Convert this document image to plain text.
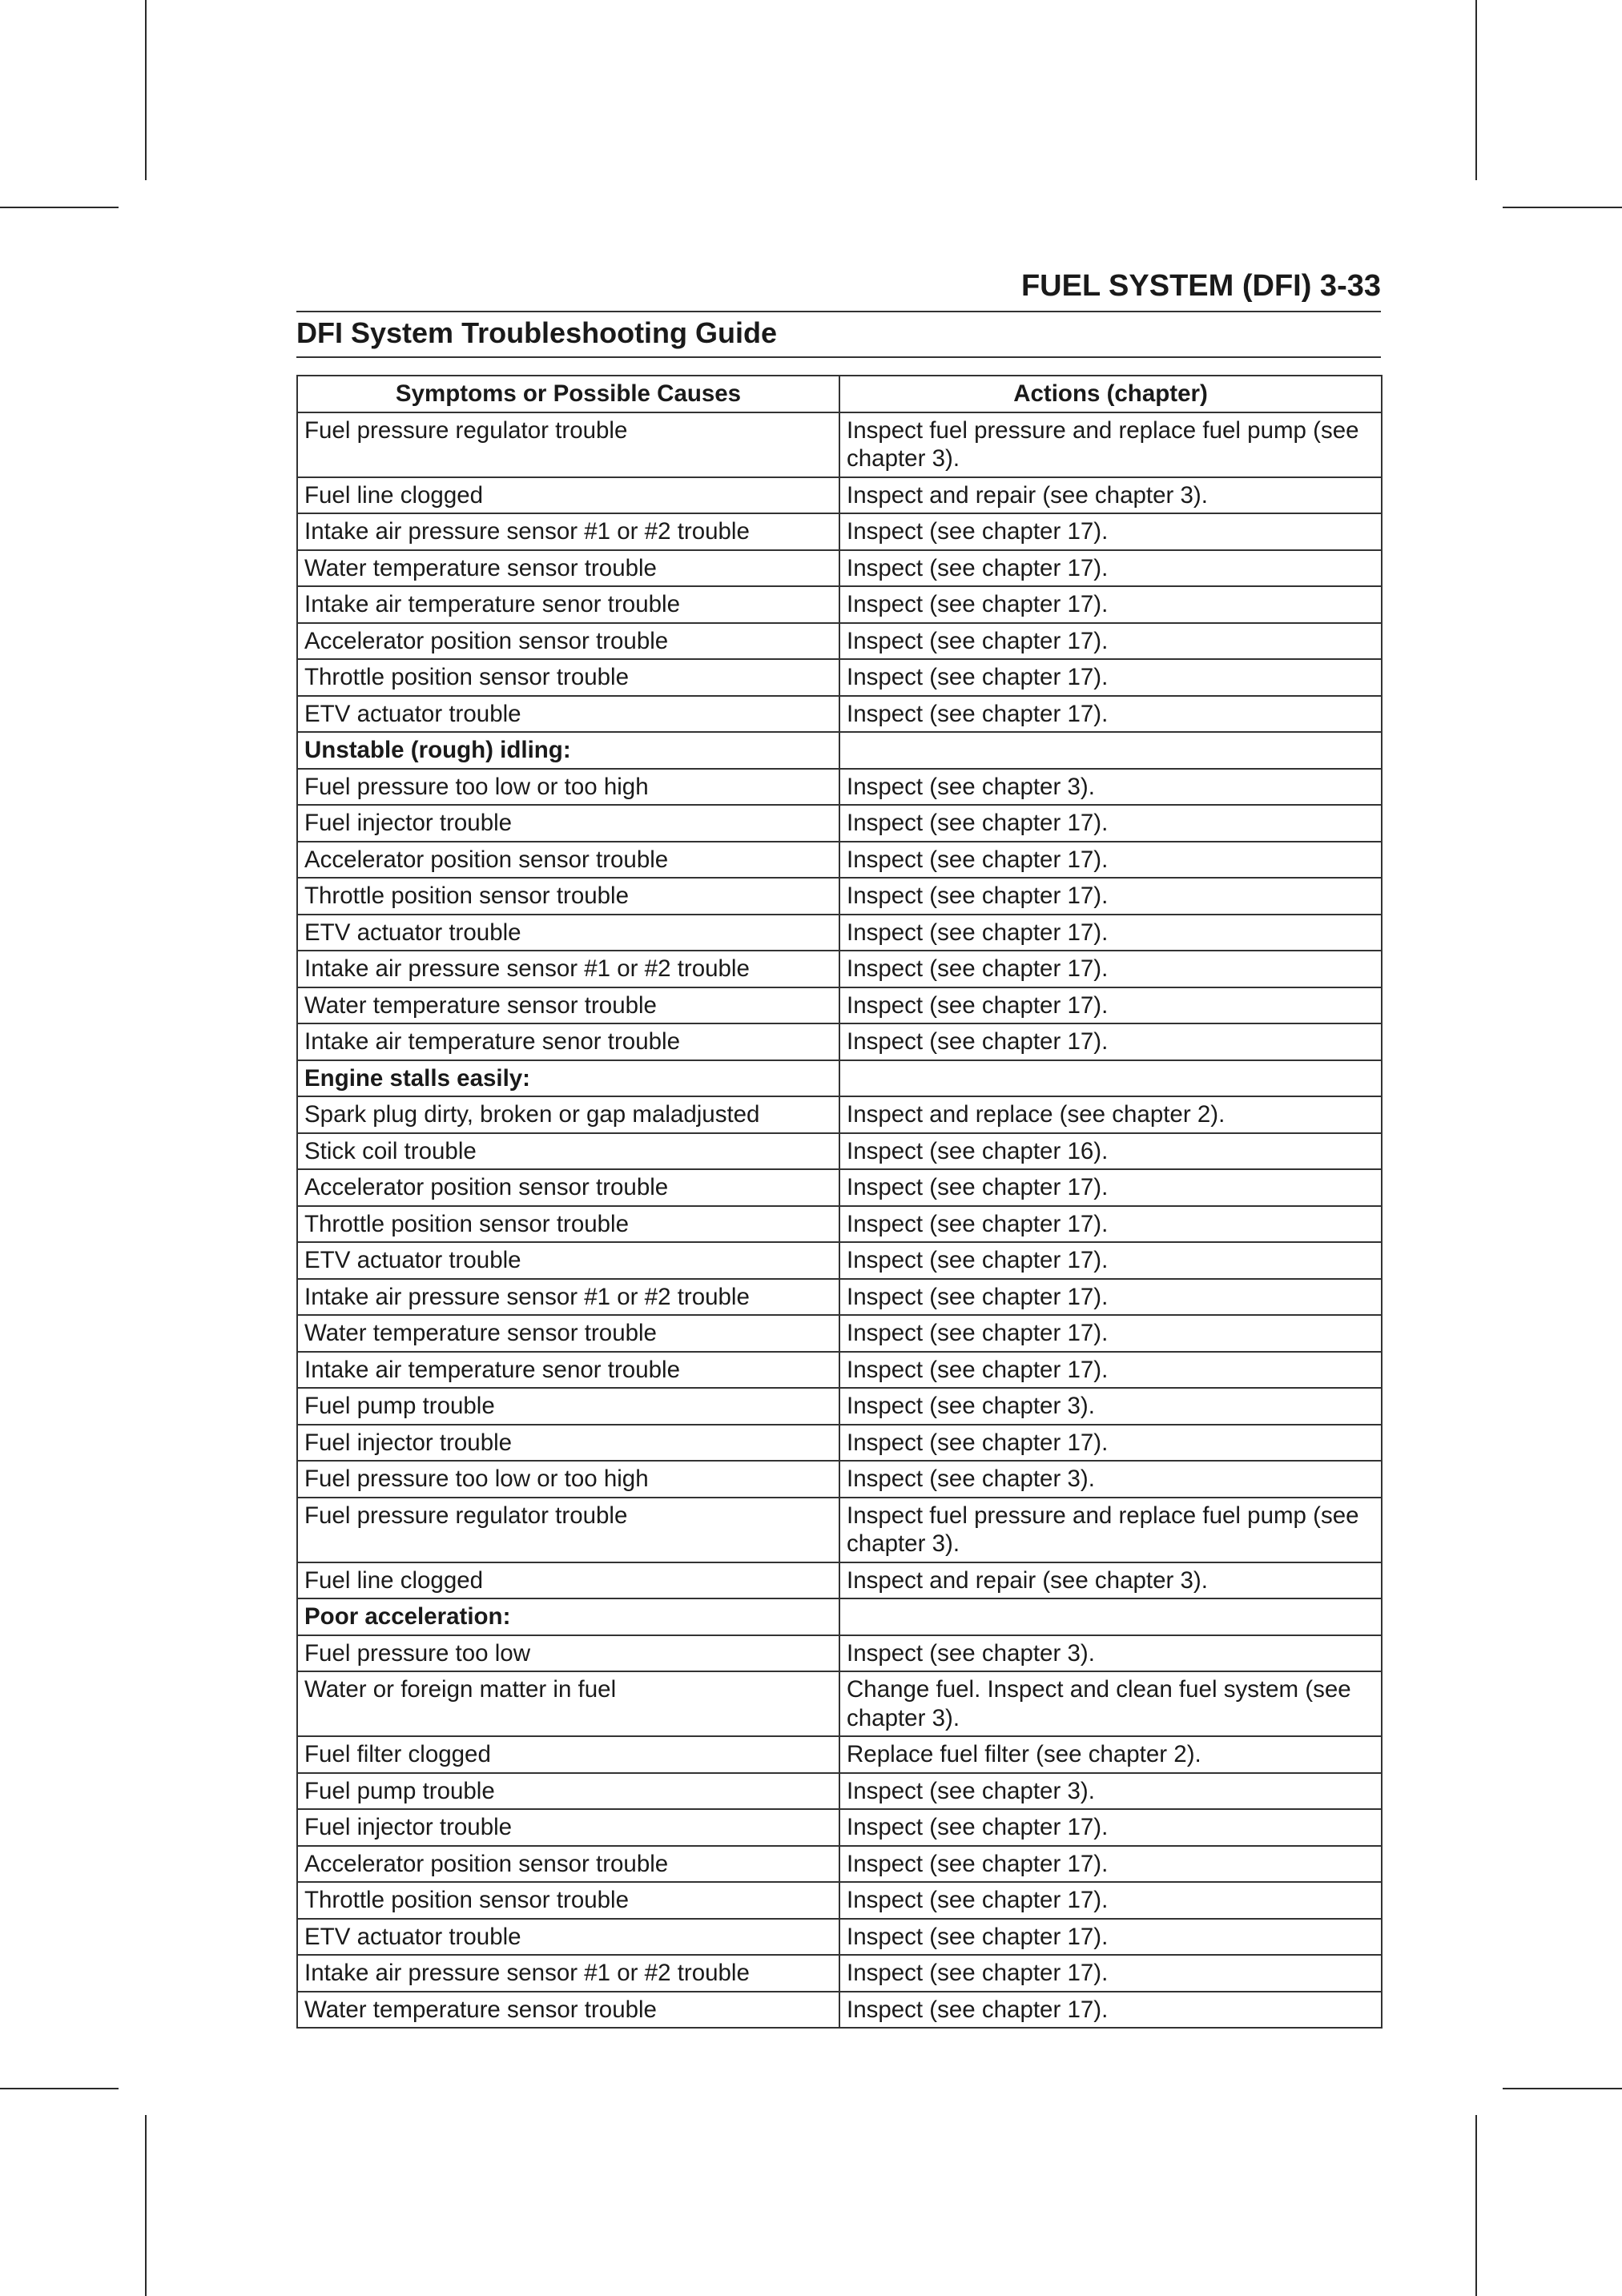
FUEL SYSTEM (DFI) 3-33
DFI System Troubleshooting Guide
Symptoms or Possible Causes	Actions (chapter)
Fuel pressure regulator trouble	Inspect fuel pressure and replace fuel pump (see chapter 3).
Fuel line clogged	Inspect and repair (see chapter 3).
Intake air pressure sensor #1 or #2 trouble	Inspect (see chapter 17).
Water temperature sensor trouble	Inspect (see chapter 17).
Intake air temperature senor trouble	Inspect (see chapter 17).
Accelerator position sensor trouble	Inspect (see chapter 17).
Throttle position sensor trouble	Inspect (see chapter 17).
ETV actuator trouble	Inspect (see chapter 17).
Unstable (rough) idling:	
Fuel pressure too low or too high	Inspect (see chapter 3).
Fuel injector trouble	Inspect (see chapter 17).
Accelerator position sensor trouble	Inspect (see chapter 17).
Throttle position sensor trouble	Inspect (see chapter 17).
ETV actuator trouble	Inspect (see chapter 17).
Intake air pressure sensor #1 or #2 trouble	Inspect (see chapter 17).
Water temperature sensor trouble	Inspect (see chapter 17).
Intake air temperature senor trouble	Inspect (see chapter 17).
Engine stalls easily:	
Spark plug dirty, broken or gap maladjusted	Inspect and replace (see chapter 2).
Stick coil trouble	Inspect (see chapter 16).
Accelerator position sensor trouble	Inspect (see chapter 17).
Throttle position sensor trouble	Inspect (see chapter 17).
ETV actuator trouble	Inspect (see chapter 17).
Intake air pressure sensor #1 or #2 trouble	Inspect (see chapter 17).
Water temperature sensor trouble	Inspect (see chapter 17).
Intake air temperature senor trouble	Inspect (see chapter 17).
Fuel pump trouble	Inspect (see chapter 3).
Fuel injector trouble	Inspect (see chapter 17).
Fuel pressure too low or too high	Inspect (see chapter 3).
Fuel pressure regulator trouble	Inspect fuel pressure and replace fuel pump (see chapter 3).
Fuel line clogged	Inspect and repair (see chapter 3).
Poor acceleration:	
Fuel pressure too low	Inspect (see chapter 3).
Water or foreign matter in fuel	Change fuel. Inspect and clean fuel system (see chapter 3).
Fuel filter clogged	Replace fuel filter (see chapter 2).
Fuel pump trouble	Inspect (see chapter 3).
Fuel injector trouble	Inspect (see chapter 17).
Accelerator position sensor trouble	Inspect (see chapter 17).
Throttle position sensor trouble	Inspect (see chapter 17).
ETV actuator trouble	Inspect (see chapter 17).
Intake air pressure sensor #1 or #2 trouble	Inspect (see chapter 17).
Water temperature sensor trouble	Inspect (see chapter 17).
